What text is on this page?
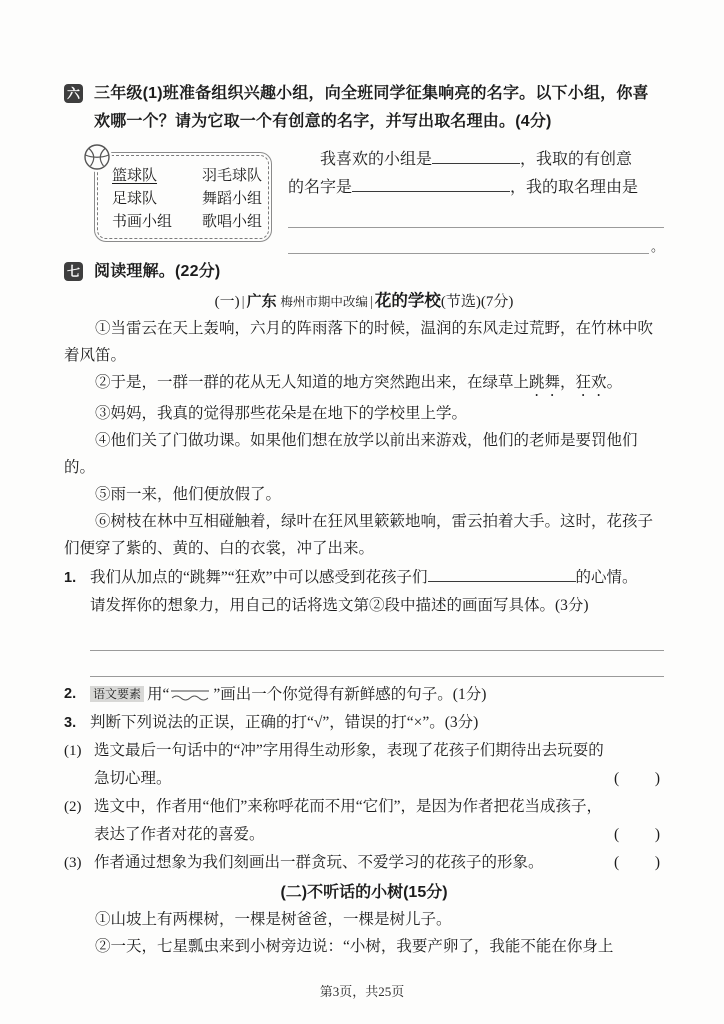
六 三年级(1)班准备组织兴趣小组，向全班同学征集响亮的名字。以下小组，你喜
欢哪一个？请为它取一个有创意的名字，并写出取名理由。(4分)
篮球队	羽毛球队
足球队	舞蹈小组
书画小组	歌唱小组
我喜欢的小组是	，我取的有创意
的名字是	，我的取名理由是
。
七 阅读理解。(22分)
(一) | 广东 梅州市期中改编 | 花的学校(节选)(7分)
①当雷云在天上轰响，六月的阵雨落下的时候，温润的东风走过荒野，在竹林中吹着风笛。
②于是，一群一群的花从无人知道的地方突然跑出来，在绿草上跳舞，狂欢。
③妈妈，我真的觉得那些花朵是在地下的学校里上学。
④他们关了门做功课。如果他们想在放学以前出来游戏，他们的老师是要罚他们的。
⑤雨一来，他们便放假了。
⑥树枝在林中互相碰触着，绿叶在狂风里簌簌地响，雷云拍着大手。这时，花孩子们便穿了紫的、黄的、白的衣裳，冲了出来。
1. 我们从加点的“跳舞”“狂欢”中可以感受到花孩子们	的心情。
请发挥你的想象力，用自己的话将选文第②段中描述的画面写具体。(3分)
2.	语文要素 用“	”画出一个你觉得有新鲜感的句子。(1分)
3. 判断下列说法的正误，正确的打“√”，错误的打“×”。(3分)
(1) 选文最后一句话中的“冲”字用得生动形象，表现了花孩子们期待出去玩耍的
急切心理。	( )
(2) 选文中，作者用“他们”来称呼花而不用“它们”，是因为作者把花当成孩子，
表达了作者对花的喜爱。	( )
(3) 作者通过想象为我们刻画出一群贪玩、不爱学习的花孩子的形象。	( )
(二)不听话的小树(15分)
①山坡上有两棵树，一棵是树爸爸，一棵是树儿子。
②一天，七星瓢虫来到小树旁边说：“小树，我要产卵了，我能不能在你身上
第3页，共25页
